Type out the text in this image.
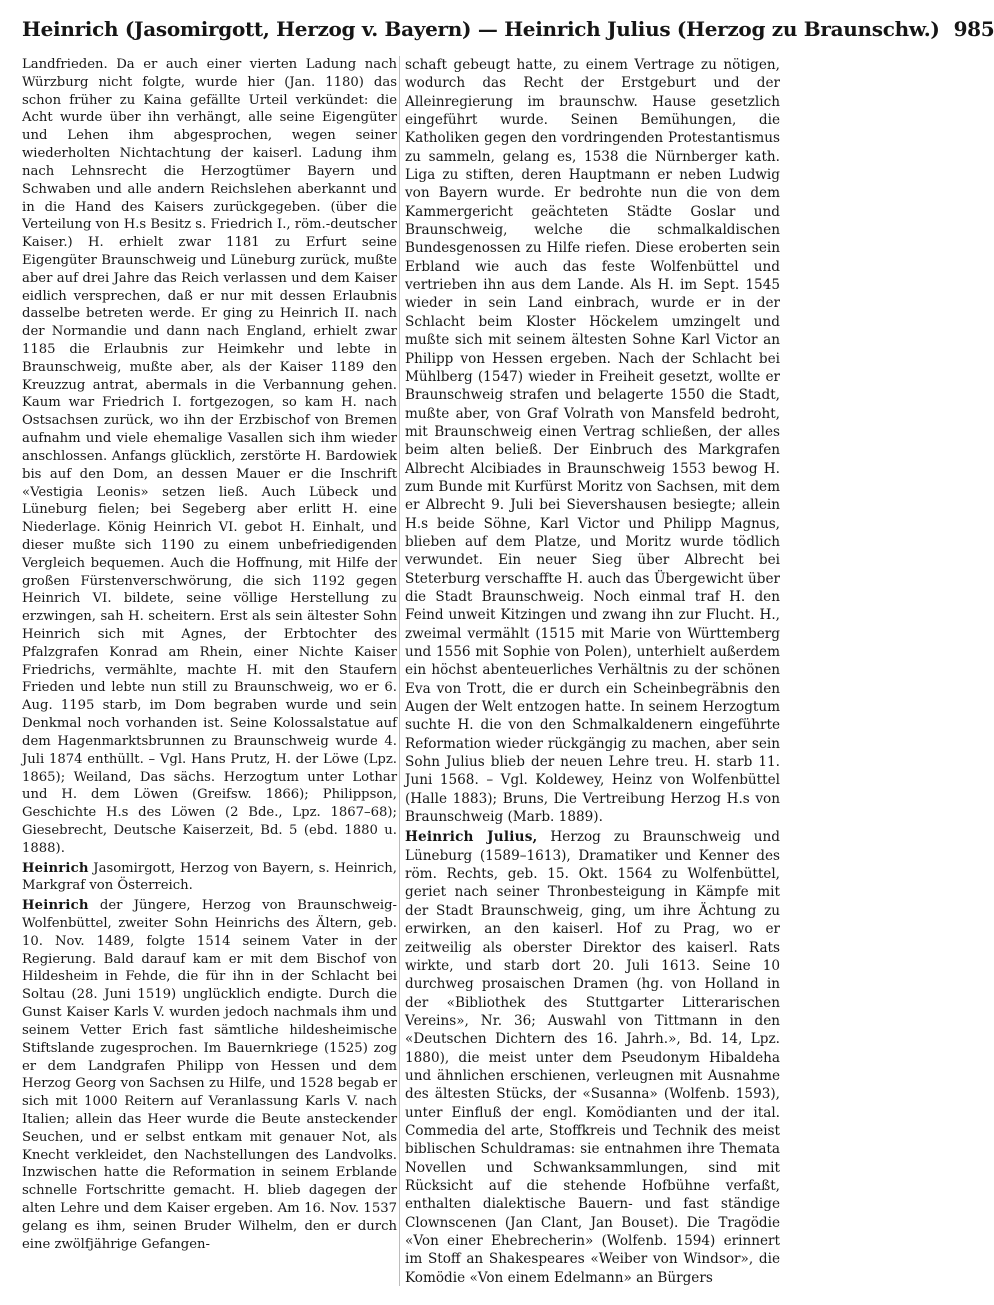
Heinrich (Jasomirgott, Herzog v. Bayern) — Heinrich Julius (Herzog zu Braunschw.) 985

Landfrieden. Da er auch einer vierten Ladung nach Würzburg nicht folgte, wurde hier (Jan. 1180) das schon früher zu Kaina gefällte Urteil verkündet: die Acht wurde über ihn verhängt, alle seine Eigengüter und Lehen ihm abgesprochen, wegen seiner wiederholten Nichtachtung der kaiserl. Ladung ihm nach Lehnsrecht die Herzogtümer Bayern und Schwaben und alle andern Reichslehen aberkannt und in die Hand des Kaisers zurückgegeben. (über die Verteilung von H.s Besitz s. Friedrich I., röm.-deutscher Kaiser.) H. erhielt zwar 1181 zu Erfurt seine Eigengüter Braunschweig und Lüneburg zurück, mußte aber auf drei Jahre das Reich verlassen und dem Kaiser eidlich versprechen, daß er nur mit dessen Erlaubnis dasselbe betreten werde. Er ging zu Heinrich II. nach der Normandie und dann nach England, erhielt zwar 1185 die Erlaubnis zur Heimkehr und lebte in Braunschweig, mußte aber, als der Kaiser 1189 den Kreuzzug antrat, abermals in die Verbannung gehen. Kaum war Friedrich I. fortgezogen, so kam H. nach Ostsachsen zurück, wo ihn der Erzbischof von Bremen aufnahm und viele ehemalige Vasallen sich ihm wieder anschlossen. Anfangs glücklich, zerstörte H. Bardowiek bis auf den Dom, an dessen Mauer er die Inschrift «Vestigia Leonis» setzen ließ. Auch Lübeck und Lüneburg fielen; bei Segeberg aber erlitt H. eine Niederlage. König Heinrich VI. gebot H. Einhalt, und dieser mußte sich 1190 zu einem unbefriedigenden Vergleich bequemen. Auch die Hoffnung, mit Hilfe der großen Fürstenverschwörung, die sich 1192 gegen Heinrich VI. bildete, seine völlige Herstellung zu erzwingen, sah H. scheitern. Erst als sein ältester Sohn Heinrich sich mit Agnes, der Erbtochter des Pfalzgrafen Konrad am Rhein, einer Nichte Kaiser Friedrichs, vermählte, machte H. mit den Staufern Frieden und lebte nun still zu Braunschweig, wo er 6. Aug. 1195 starb, im Dom begraben wurde und sein Denkmal noch vorhanden ist. Seine Kolossalstatue auf dem Hagenmarktsbrunnen zu Braunschweig wurde 4. Juli 1874 enthüllt. – Vgl. Hans Prutz, H. der Löwe (Lpz. 1865); Weiland, Das sächs. Herzogtum unter Lothar und H. dem Löwen (Greifsw. 1866); Philippson, Geschichte H.s des Löwen (2 Bde., Lpz. 1867–68); Giesebrecht, Deutsche Kaiserzeit, Bd. 5 (ebd. 1880 u. 1888).

Heinrich Jasomirgott, Herzog von Bayern, s. Heinrich, Markgraf von Österreich.

Heinrich der Jüngere, Herzog von Braunschweig-Wolfenbüttel, zweiter Sohn Heinrichs des Ältern, geb. 10. Nov. 1489, folgte 1514 seinem Vater in der Regierung. Bald darauf kam er mit dem Bischof von Hildesheim in Fehde, die für ihn in der Schlacht bei Soltau (28. Juni 1519) unglücklich endigte. Durch die Gunst Kaiser Karls V. wurden jedoch nachmals ihm und seinem Vetter Erich fast sämtliche hildesheimische Stiftslande zugesprochen. Im Bauernkriege (1525) zog er dem Landgrafen Philipp von Hessen und dem Herzog Georg von Sachsen zu Hilfe, und 1528 begab er sich mit 1000 Reitern auf Veranlassung Karls V. nach Italien; allein das Heer wurde die Beute ansteckender Seuchen, und er selbst entkam mit genauer Not, als Knecht verkleidet, den Nachstellungen des Landvolks. Inzwischen hatte die Reformation in seinem Erblande schnelle Fortschritte gemacht. H. blieb dagegen der alten Lehre und dem Kaiser ergeben. Am 16. Nov. 1537 gelang es ihm, seinen Bruder Wilhelm, den er durch eine zwölfjährige Gefangen-

schaft gebeugt hatte, zu einem Vertrage zu nötigen, wodurch das Recht der Erstgeburt und der Alleinregierung im braunschw. Hause gesetzlich eingeführt wurde. Seinen Bemühungen, die Katholiken gegen den vordringenden Protestantismus zu sammeln, gelang es, 1538 die Nürnberger kath. Liga zu stiften, deren Hauptmann er neben Ludwig von Bayern wurde. Er bedrohte nun die von dem Kammergericht geächteten Städte Goslar und Braunschweig, welche die schmalkaldischen Bundesgenossen zu Hilfe riefen. Diese eroberten sein Erbland wie auch das feste Wolfenbüttel und vertrieben ihn aus dem Lande. Als H. im Sept. 1545 wieder in sein Land einbrach, wurde er in der Schlacht beim Kloster Höckelem umzingelt und mußte sich mit seinem ältesten Sohne Karl Victor an Philipp von Hessen ergeben. Nach der Schlacht bei Mühlberg (1547) wieder in Freiheit gesetzt, wollte er Braunschweig strafen und belagerte 1550 die Stadt, mußte aber, von Graf Volrath von Mansfeld bedroht, mit Braunschweig einen Vertrag schließen, der alles beim alten beließ. Der Einbruch des Markgrafen Albrecht Alcibiades in Braunschweig 1553 bewog H. zum Bunde mit Kurfürst Moritz von Sachsen, mit dem er Albrecht 9. Juli bei Sievershausen besiegte; allein H.s beide Söhne, Karl Victor und Philipp Magnus, blieben auf dem Platze, und Moritz wurde tödlich verwundet. Ein neuer Sieg über Albrecht bei Steterburg verschaffte H. auch das Übergewicht über die Stadt Braunschweig. Noch einmal traf H. den Feind unweit Kitzingen und zwang ihn zur Flucht. H., zweimal vermählt (1515 mit Marie von Württemberg und 1556 mit Sophie von Polen), unterhielt außerdem ein höchst abenteuerliches Verhältnis zu der schönen Eva von Trott, die er durch ein Scheinbegräbnis den Augen der Welt entzogen hatte. In seinem Herzogtum suchte H. die von den Schmalkaldenern eingeführte Reformation wieder rückgängig zu machen, aber sein Sohn Julius blieb der neuen Lehre treu. H. starb 11. Juni 1568. – Vgl. Koldewey, Heinz von Wolfenbüttel (Halle 1883); Bruns, Die Vertreibung Herzog H.s von Braunschweig (Marb. 1889).

Heinrich Julius, Herzog zu Braunschweig und Lüneburg (1589–1613), Dramatiker und Kenner des röm. Rechts, geb. 15. Okt. 1564 zu Wolfenbüttel, geriet nach seiner Thronbesteigung in Kämpfe mit der Stadt Braunschweig, ging, um ihre Ächtung zu erwirken, an den kaiserl. Hof zu Prag, wo er zeitweilig als oberster Direktor des kaiserl. Rats wirkte, und starb dort 20. Juli 1613. Seine 10 durchweg prosaischen Dramen (hg. von Holland in der «Bibliothek des Stuttgarter Litterarischen Vereins», Nr. 36; Auswahl von Tittmann in den «Deutschen Dichtern des 16. Jahrh.», Bd. 14, Lpz. 1880), die meist unter dem Pseudonym Hibaldeha und ähnlichen erschienen, verleugnen mit Ausnahme des ältesten Stücks, der «Susanna» (Wolfenb. 1593), unter Einfluß der engl. Komödianten und der ital. Commedia del arte, Stoffkreis und Technik des meist biblischen Schuldramas: sie entnahmen ihre Themata Novellen und Schwanksammlungen, sind mit Rücksicht auf die stehende Hofbühne verfaßt, enthalten dialektische Bauern- und fast ständige Clownscenen (Jan Clant, Jan Bouset). Die Tragödie «Von einer Ehebrecherin» (Wolfenb. 1594) erinnert im Stoff an Shakespeares «Weiber von Windsor», die Komödie «Von einem Edelmann» an Bürgers
